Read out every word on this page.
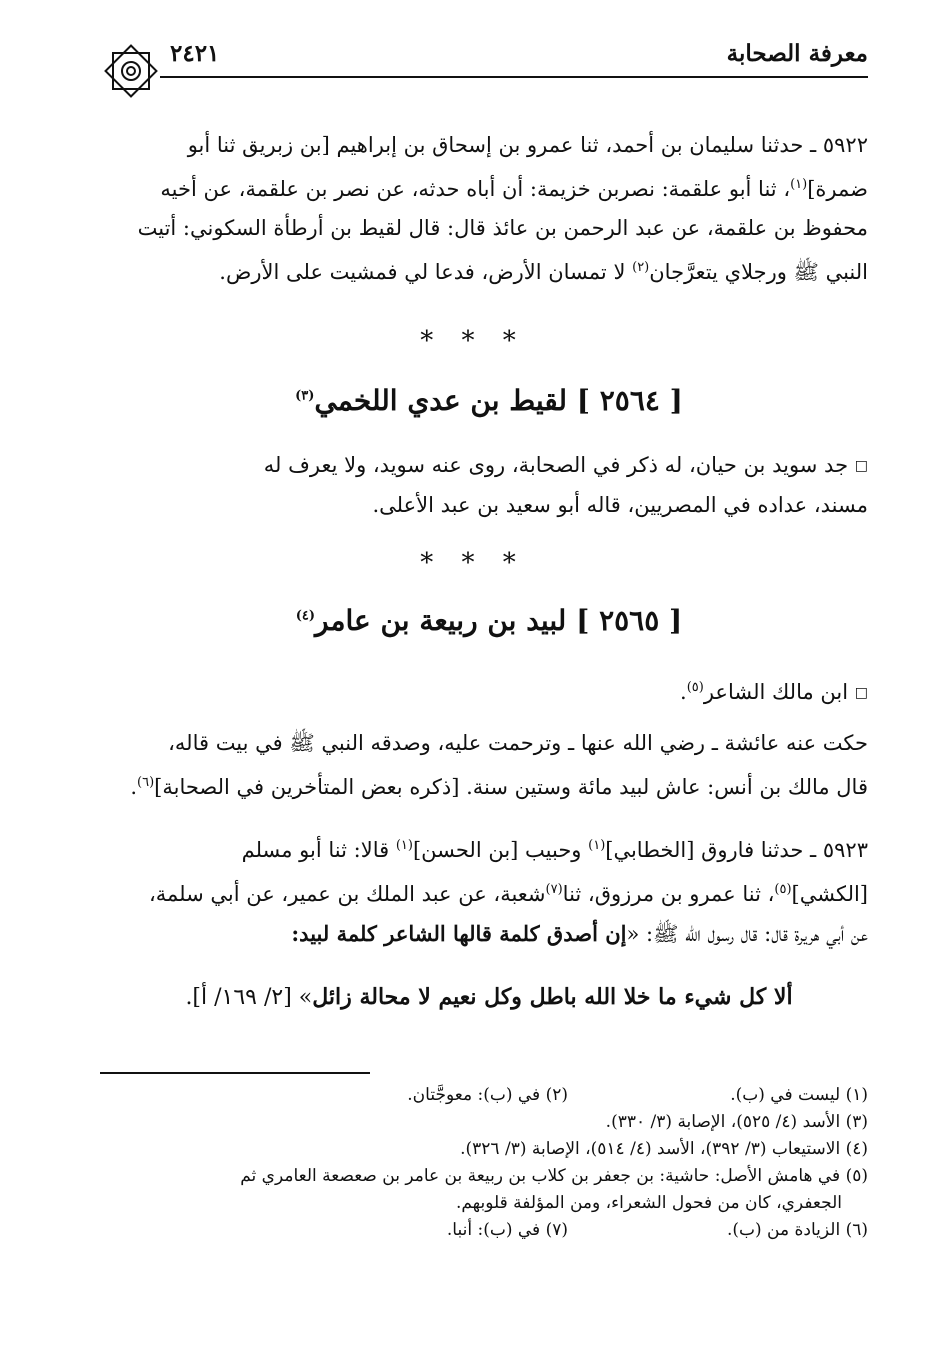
معرفة الصحابة
٢٤٢١
٥٩٢٢ ـ حدثنا سليمان بن أحمد، ثنا عمرو بن إسحاق بن إبراهيم [بن زبريق ثنا أبو
ضمرة]$^{(١)}$، ثنا أبو علقمة: نصربن خزيمة: أن أباه حدثه، عن نصر بن علقمة، عن أخيه
محفوظ بن علقمة، عن عبد الرحمن بن عائذ قال: قال لقيط بن أرطأة السكوني: أتيت
النبي ﷺ ورجلاي يتعرَّجان$^{(٢)}$ لا تمسان الأرض، فدعا لي فمشيت على الأرض.
* * *
[ ٢٥٦٤ ] لقيط بن عدي اللخمي$^{(٣)}$
□ جد سويد بن حيان، له ذكر في الصحابة، روى عنه سويد، ولا يعرف له
مسند، عداده في المصريين، قاله أبو سعيد بن عبد الأعلى.
* * *
[ ٢٥٦٥ ] لبيد بن ربيعة بن عامر$^{(٤)}$
□ ابن مالك الشاعر$^{(٥)}$.
حكت عنه عائشة ـ رضي الله عنها ـ وترحمت عليه، وصدقه النبي ﷺ في بيت قاله،
قال مالك بن أنس: عاش لبيد مائة وستين سنة. [ذكره بعض المتأخرين في الصحابة]$^{(٦)}$.
٥٩٢٣ ـ حدثنا فاروق [الخطابي]$^{(١)}$ وحبيب [بن الحسن]$^{(١)}$ قالا: ثنا أبو مسلم
[الكشي]$^{(٥)}$، ثنا عمرو بن مرزوق، ثنا$^{(٧)}$شعبة، عن عبد الملك بن عمير، عن أبي سلمة،
عن أبي هريرة قال: قال رسول الله ﷺ: «إن أصدق كلمة قالها الشاعر كلمة لبيد:
ألا كل شيء ما خلا الله باطل وكل نعيم لا محالة زائل» [٢/ ١٦٩/ أ].
(١) ليست في (ب).(٢) في (ب): معوجَّتان.
(٣) الأسد (٤/ ٥٢٥)، الإصابة (٣/ ٣٣٠).
(٤) الاستيعاب (٣/ ٣٩٢)، الأسد (٤/ ٥١٤)، الإصابة (٣/ ٣٢٦).
(٥) في هامش الأصل: حاشية: بن جعفر بن كلاب بن ربيعة بن عامر بن صعصعة العامري ثم
الجعفري، كان من فحول الشعراء، ومن المؤلفة قلوبهم.
(٦) الزيادة من (ب).(٧) في (ب): أنبا.
